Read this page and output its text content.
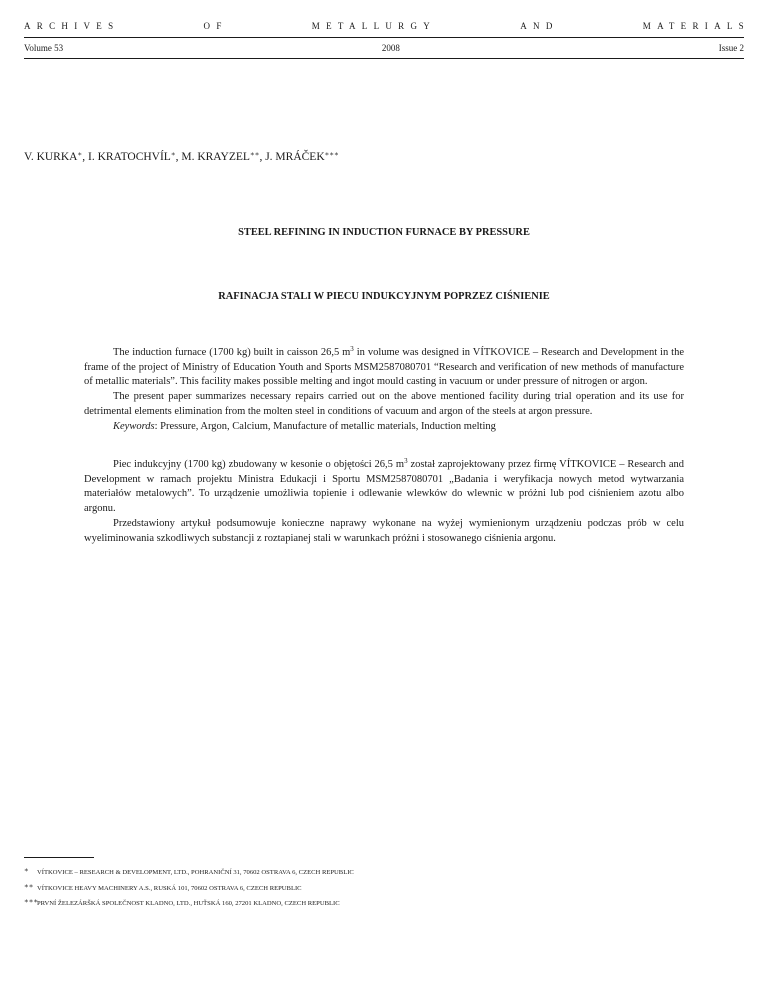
ARCHIVES	OF	METALLURGY	AND	MATERIALS
Volume 53	2008	Issue 2
V. KURKA∗, I. KRATOCHVÍL∗, M. KRAYZEL∗∗, J. MRÁČEK∗∗∗
STEEL REFINING IN INDUCTION FURNACE BY PRESSURE
RAFINACJA STALI W PIECU INDUKCYJNYM POPRZEZ CIŚNIENIE

The induction furnace (1700 kg) built in caisson 26,5 $m^3$ in volume was designed in VÍTKOVICE – Research and Development in the frame of the project of Ministry of Education Youth and Sports MSM2587080701 “Research and verification of new methods of manufacture of metallic materials”. This facility makes possible melting and ingot mould casting in vacuum or under pressure of nitrogen or argon.

The present paper summarizes necessary repairs carried out on the above mentioned facility during trial operation and its use for detrimental elements elimination from the molten steel in conditions of vacuum and argon of the steels at argon pressure.

Keywords: Pressure, Argon, Calcium, Manufacture of metallic materials, Induction melting

Piec indukcyjny (1700 kg) zbudowany w kesonie o objętości 26,5 $m^3$ został zaprojektowany przez firmę VÍTKOVICE – Research and Development w ramach projektu Ministra Edukacji i Sportu MSM2587080701 „Badania i weryfikacja nowych metod wytwarzania materiałów metalowych”. To urządzenie umożliwia topienie i odlewanie wlewków do wlewnic w próżni lub pod ciśnieniem azotu albo argonu.

Przedstawiony artykuł podsumowuje konieczne naprawy wykonane na wyżej wymienionym urządzeniu podczas prób w celu wyeliminowania szkodliwych substancji z roztapianej stali w warunkach próżni i stosowanego ciśnienia argonu.

∗ VÍTKOVICE – RESEARCH & DEVELOPMENT, LTD., POHRANIČNÍ 31, 70602 OSTRAVA 6, CZECH REPUBLIC
∗∗ VÍTKOVICE HEAVY MACHINERY A.S., RUSKÁ 101, 70602 OSTRAVA 6, CZECH REPUBLIC
∗∗∗PRVNÍ ŽELEZÁRŠKÁ SPOLEČNOST KLADNO, LTD., HUŤSKÁ 160, 27201 KLADNO, CZECH REPUBLIC
